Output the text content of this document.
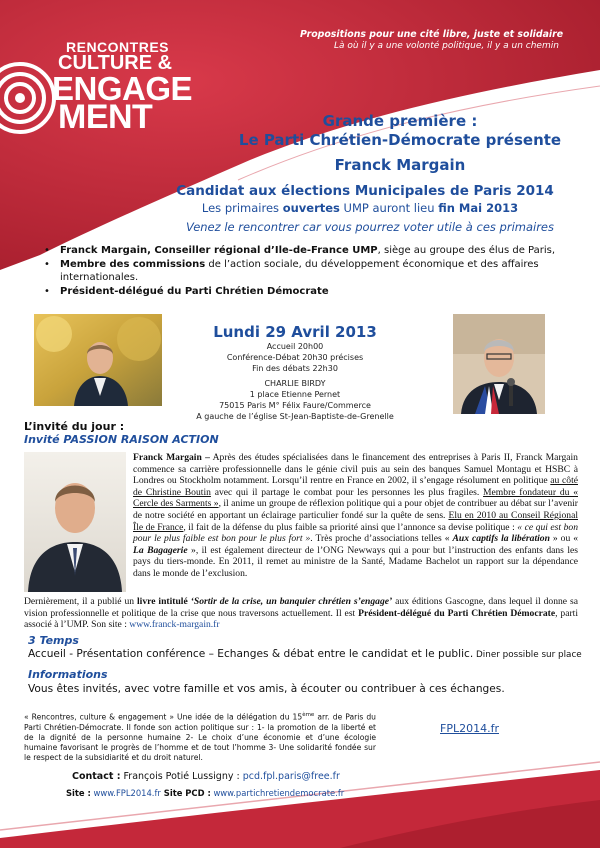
RENCONTRES
CULTURE &
ENGAGE
MENT
Propositions pour une cité libre, juste et solidaire
Là où il y a une volonté politique, il y a un chemin
Grande première :
Le Parti Chrétien-Démocrate présente
Franck Margain
Candidat aux élections Municipales de Paris 2014
Les primaires ouvertes UMP auront lieu fin Mai 2013
Venez le rencontrer car vous pourrez voter utile à ces primaires
• Franck Margain, Conseiller régional d’Ile-de-France UMP, siège au groupe des élus de Paris,
• Membre des commissions de l’action sociale, du développement économique et des affaires internationales.
• Président-délégué du Parti Chrétien Démocrate
Lundi 29 Avril 2013
Accueil 20h00
Conférence-Débat 20h30 précises
Fin des débats 22h30
CHARLIE BIRDY
1 place Etienne Pernet
75015 Paris M° Félix Faure/Commerce
A gauche de l’église St-Jean-Baptiste-de-Grenelle
L’invité du jour :
Invité PASSION RAISON ACTION
Franck Margain – Après des études spécialisées dans le financement des entreprises à Paris II, Franck Margain commence sa carrière professionnelle dans le génie civil puis au sein des banques Samuel Montagu et HSBC à Londres ou Stockholm notamment. Lorsqu’il rentre en France en 2002, il s’engage résolument en politique au côté de Christine Boutin avec qui il partage le combat pour les personnes les plus fragiles. Membre fondateur du « Cercle des Sarments », il anime un groupe de réflexion politique qui a pour objet de contribuer au débat sur l’avenir de notre société en apportant un éclairage particulier fondé sur la quête de sens. Elu en 2010 au Conseil Régional Île de France, il fait de la défense du plus faible sa priorité ainsi que l’annonce sa devise politique : « ce qui est bon pour le plus faible est bon pour le plus fort ». Très proche d’associations telles « Aux captifs la libération » ou « La Bagagerie », il est également directeur de l’ONG Newways qui a pour but l’instruction des enfants dans les pays du tiers-monde. En 2011, il remet au ministre de la Santé, Madame Bachelot un rapport sur la dépendance dans le monde de l’exclusion.
Dernièrement, il a publié un livre intitulé ‘Sortir de la crise, un banquier chrétien s’engage’ aux éditions Gascogne, dans lequel il donne sa vision professionnelle et politique de la crise que nous traversons actuellement. Il est Président-délégué du Parti Chrétien Démocrate, parti associé à l’UMP. Son site : www.franck-margain.fr
3 Temps
Accueil - Présentation conférence – Echanges & débat entre le candidat et le public. Diner possible sur place
Informations
Vous êtes invités, avec votre famille et vos amis, à écouter ou contribuer à ces échanges.
« Rencontres, culture & engagement » Une idée de la délégation du 15ème arr. de Paris du Parti Chrétien-Démocrate. Il fonde son action politique sur : 1- la promotion de la liberté et de la dignité de la personne humaine 2- Le choix d’une économie et d’une écologie humaine favorisant le progrès de l’homme et de tout l’homme 3- Une solidarité fondée sur le respect de la subsidiarité et du droit naturel.
FPL2014.fr
Contact : François Potié Lussigny : pcd.fpl.paris@free.fr
Site : www.FPL2014.fr Site PCD : www.partichretiendemocrate.fr
